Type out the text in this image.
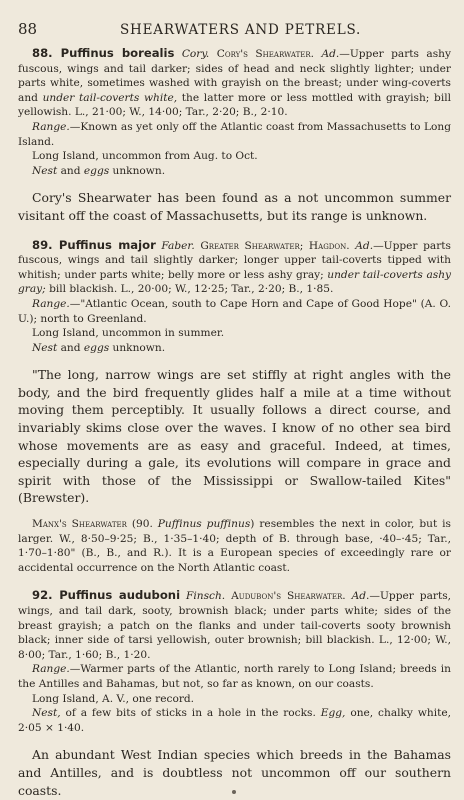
88	SHEARWATERS AND PETRELS.

88. Puffinus borealis Cory. Cory's Shearwater. Ad.—Upper parts ashy fuscous, wings and tail darker; sides of head and neck slightly lighter; under parts white, sometimes washed with grayish on the breast; under wing-coverts and under tail-coverts white, the latter more or less mottled with grayish; bill yellowish. L., 21·00; W., 14·00; Tar., 2·20; B., 2·10.

Range.—Known as yet only off the Atlantic coast from Massachusetts to Long Island.

Long Island, uncommon from Aug. to Oct.

Nest and eggs unknown.

Cory's Shearwater has been found as a not uncommon summer visitant off the coast of Massachusetts, but its range is unknown.

89. Puffinus major Faber. Greater Shearwater; Hagdon. Ad.—Upper parts fuscous, wings and tail slightly darker; longer upper tail-coverts tipped with whitish; under parts white; belly more or less ashy gray; under tail-coverts ashy gray; bill blackish. L., 20·00; W., 12·25; Tar., 2·20; B., 1·85.

Range.—"Atlantic Ocean, south to Cape Horn and Cape of Good Hope" (A. O. U.); north to Greenland.

Long Island, uncommon in summer.

Nest and eggs unknown.

"The long, narrow wings are set stiffly at right angles with the body, and the bird frequently glides half a mile at a time without moving them perceptibly. It usually follows a direct course, and invariably skims close over the waves. I know of no other sea bird whose movements are as easy and graceful. Indeed, at times, especially during a gale, its evolutions will compare in grace and spirit with those of the Mississippi or Swallow-tailed Kites" (Brewster).

Manx's Shearwater (90. Puffinus puffinus) resembles the next in color, but is larger. W., 8·50–9·25; B., 1·35–1·40; depth of B. through base, ·40–·45; Tar., 1·70–1·80" (B., B., and R.). It is a European species of exceedingly rare or accidental occurrence on the North Atlantic coast.

92. Puffinus auduboni Finsch. Audubon's Shearwater. Ad.—Upper parts, wings, and tail dark, sooty, brownish black; under parts white; sides of the breast grayish; a patch on the flanks and under tail-coverts sooty brownish black; inner side of tarsi yellowish, outer brownish; bill blackish. L., 12·00; W., 8·00; Tar., 1·60; B., 1·20.

Range.—Warmer parts of the Atlantic, north rarely to Long Island; breeds in the Antilles and Bahamas, but not, so far as known, on our coasts.

Long Island, A. V., one record.

Nest, of a few bits of sticks in a hole in the rocks. Egg, one, chalky white, 2·05 × 1·40.

An abundant West Indian species which breeds in the Bahamas and Antilles, and is doubtless not uncommon off our southern coasts.
